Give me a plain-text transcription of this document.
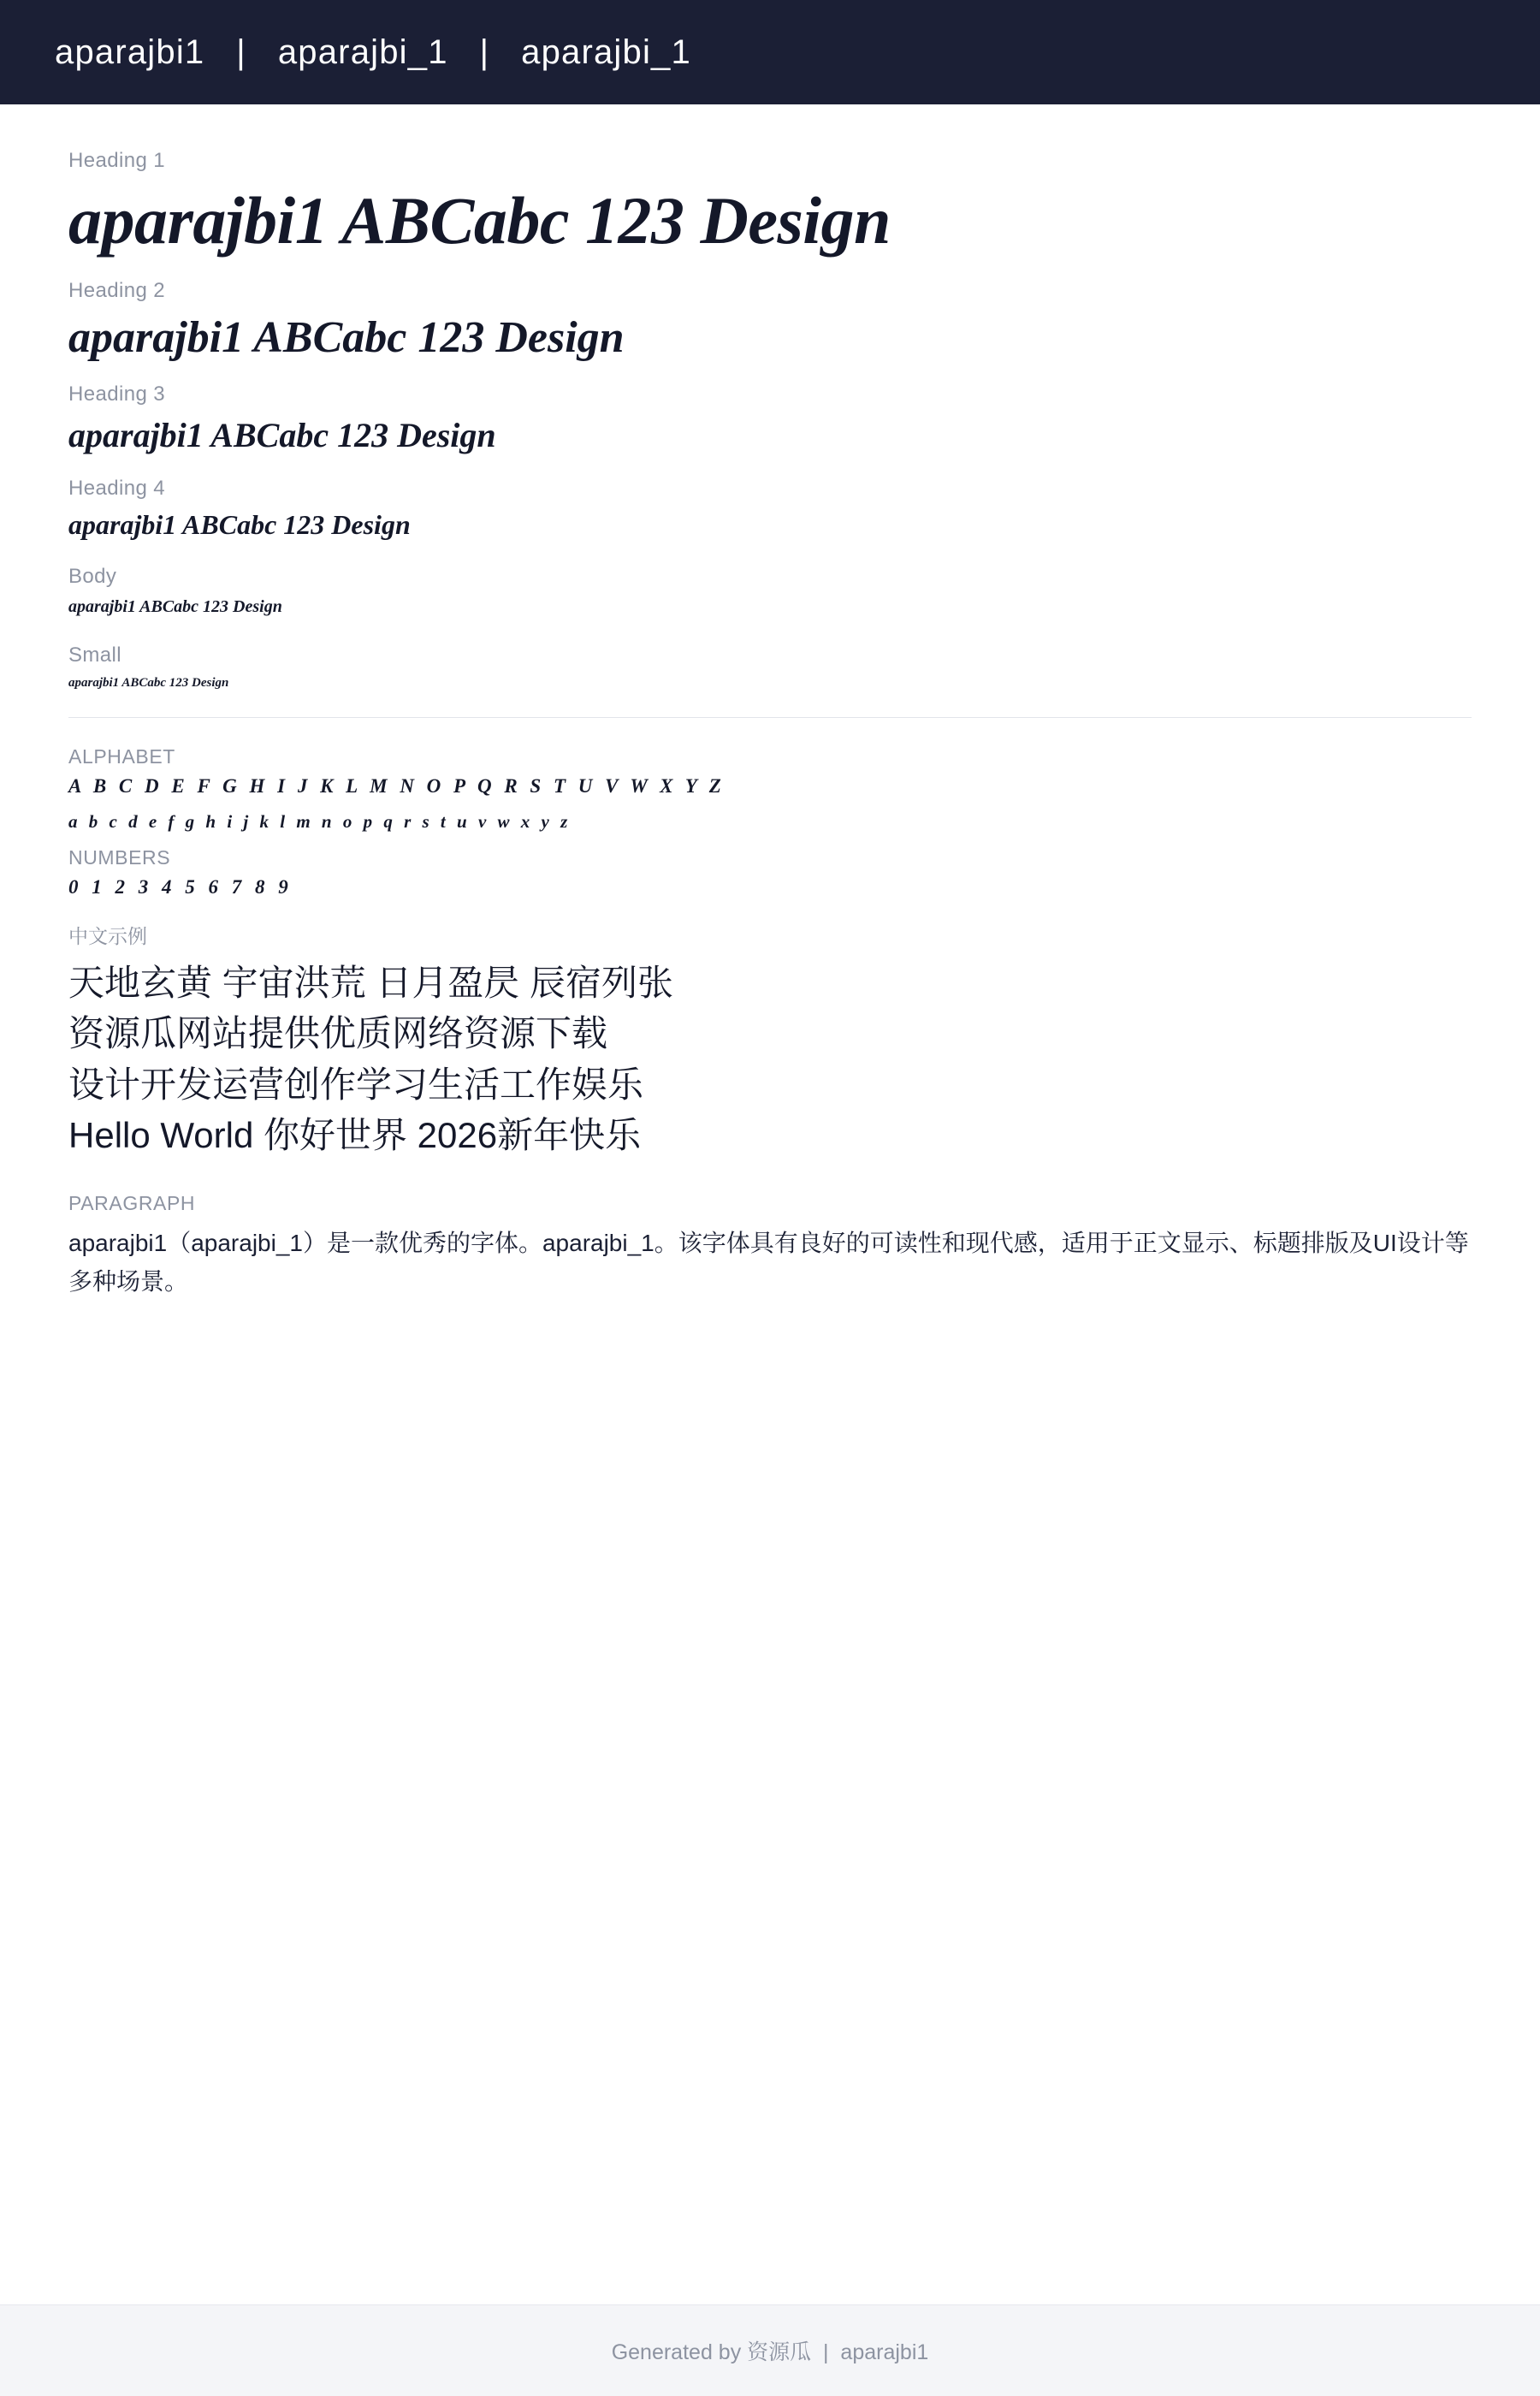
aparajbi1   |   aparajbi_1   |   aparajbi_1
Heading 1
aparajbi1 ABCabc 123 Design
Heading 2
aparajbi1 ABCabc 123 Design
Heading 3
aparajbi1 ABCabc 123 Design
Heading 4
aparajbi1 ABCabc 123 Design
Body
aparajbi1 ABCabc 123 Design
Small
aparajbi1 ABCabc 123 Design
ALPHABET
A B C D E F G H I J K L M N O P Q R S T U V W X Y Z
a b c d e f g h i j k l m n o p q r s t u v w x y z
NUMBERS
0 1 2 3 4 5 6 7 8 9
中文示例
天地玄黄 宇宙洪荒 日月盈昃 辰宿列张
资源瓜网站提供优质网络资源下载
设计开发运营创作学习生活工作娱乐
Hello World 你好世界 2026新年快乐
PARAGRAPH
aparajbi1（aparajbi_1）是一款优秀的字体。aparajbi_1。该字体具有良好的可读性和现代感，适用于正文显示、标题排版及UI设计等多种场景。
Generated by 资源瓜  |  aparajbi1
